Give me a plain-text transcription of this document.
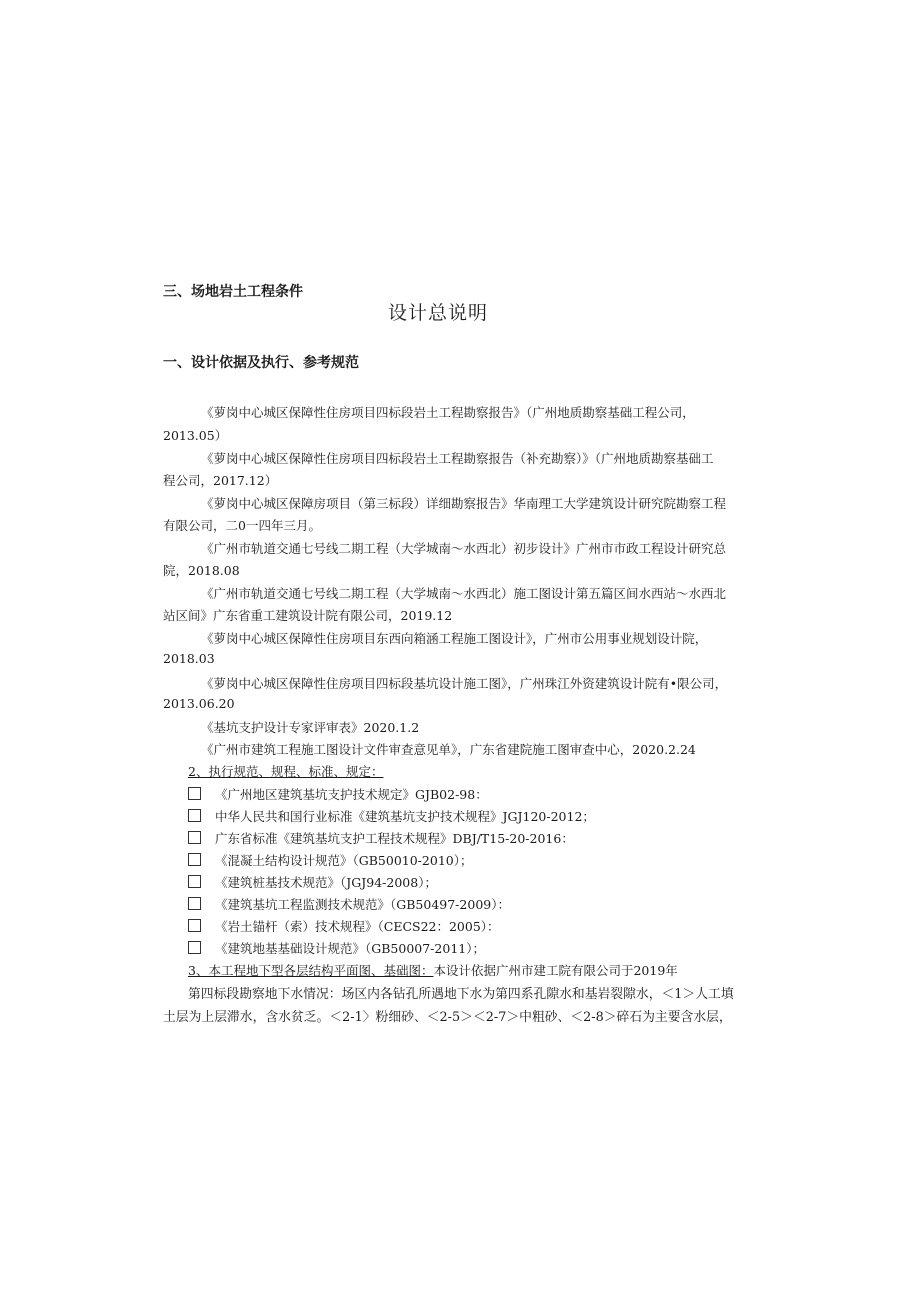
三、场地岩土工程条件
设计总说明
一、设计依据及执行、参考规范
《萝岗中心城区保障性住房项目四标段岩土工程勘察报告》（广州地质勘察基础工程公司，
2013.05）
《萝岗中心城区保障性住房项目四标段岩土工程勘察报告（补充勘察）》（广州地质勘察基础工
程公司，2017.12）
《萝岗中心城区保障房项目（第三标段）详细勘察报告》华南理工大学建筑设计研究院勘察工程
有限公司，二0一四年三月。
《广州市轨道交通七号线二期工程（大学城南～水西北）初步设计》广州市市政工程设计研究总
院，2018.08
《广州市轨道交通七号线二期工程（大学城南～水西北）施工图设计第五篇区间水西站～水西北
站区间》广东省重工建筑设计院有限公司，2019.12
《萝岗中心城区保障性住房项目东西向箱涵工程施工图设计》，广州市公用事业规划设计院，
2018.03
《萝岗中心城区保障性住房项目四标段基坑设计施工图》，广州珠江外资建筑设计院有•限公司，
2013.06.20
《基坑支护设计专家评审表》2020.1.2
《广州市建筑工程施工图设计文件审查意见单》，广东省建院施工图审查中心，2020.2.24
2、执行规范、规程、标准、规定：
《广州地区建筑基坑支护技术规定》GJB02-98：
中华人民共和国行业标准《建筑基坑支护技术规程》JGJ120-2012；
广东省标准《建筑基坑支护工程技术规程》DBJ/T15-20-2016：
《混凝土结构设计规范》（GB50010-2010）；
《建筑桩基技术规范》（JGJ94-2008）；
《建筑基坑工程监测技术规范》（GB50497-2009）：
《岩土锚杆（索）技术规程》（CECS22：2005）：
《建筑地基基础设计规范》（GB50007-2011）；
3、本工程地下型各层结构平面图、基础图：本设计依据广州市建工院有限公司于2019年
第四标段勘察地下水情况：场区内各钻孔所遇地下水为第四系孔隙水和基岩裂隙水，＜1＞人工填
土层为上层滞水，含水贫乏。＜2-1〉粉细砂、＜2-5＞＜2-7＞中粗砂、＜2-8＞碎石为主要含水层，
